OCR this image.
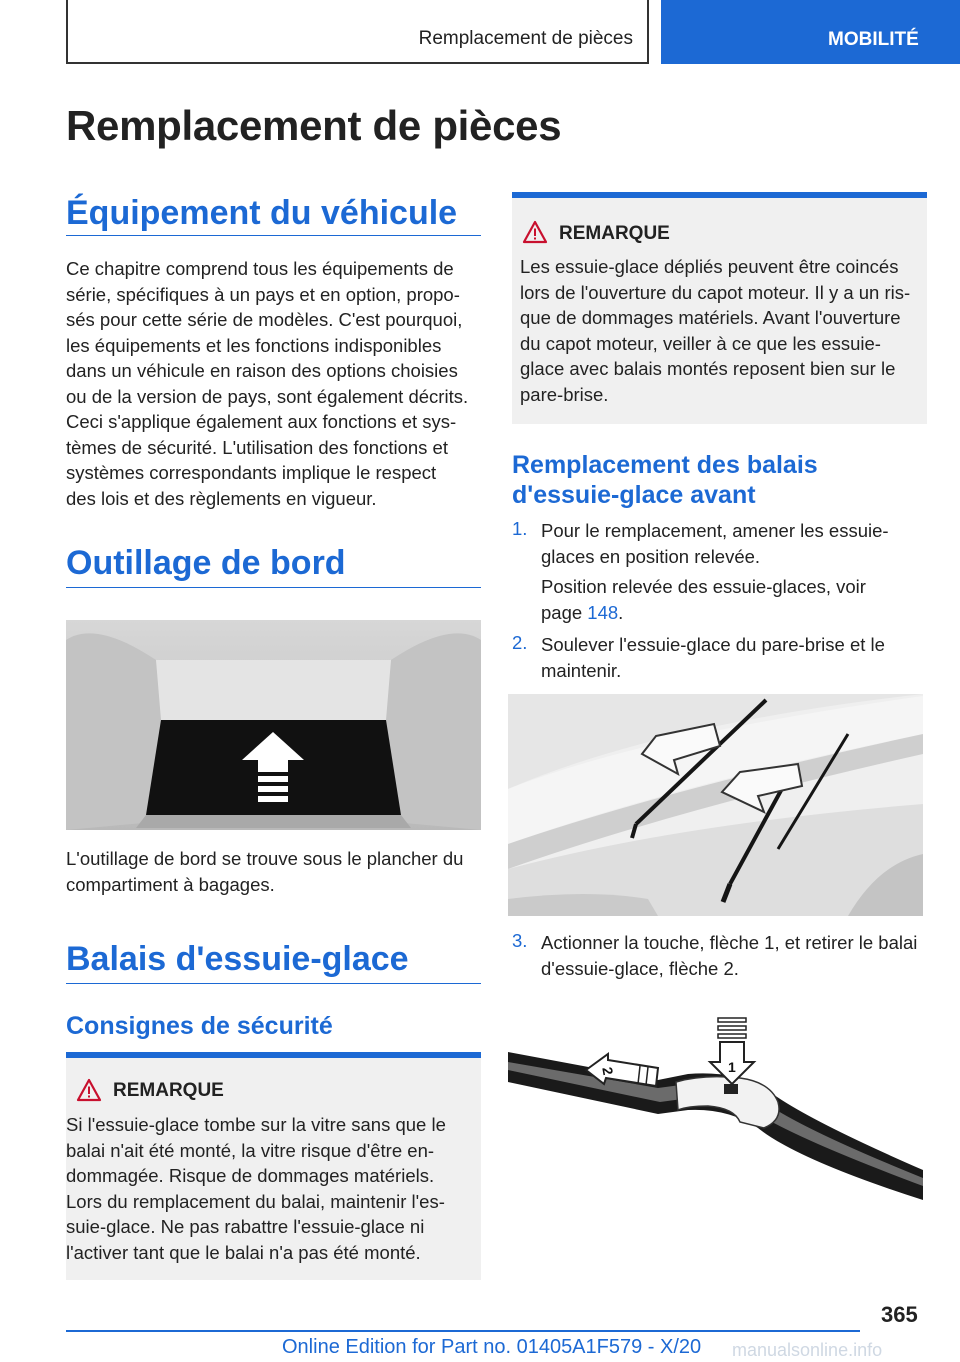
Remplacement de pièces	MOBILITÉ
Remplacement de pièces
Équipement du véhicule
Ce chapitre comprend tous les équipements de
série, spécifiques à un pays et en option, propo-
sés pour cette série de modèles. C'est pourquoi,
les équipements et les fonctions indisponibles
dans un véhicule en raison des options choisies
ou de la version de pays, sont également décrits.
Ceci s'applique également aux fonctions et sys-
tèmes de sécurité. L'utilisation des fonctions et
systèmes correspondants implique le respect
des lois et des règlements en vigueur.
Outillage de bord
L'outillage de bord se trouve sous le plancher du
compartiment à bagages.
Balais d'essuie-glace
Consignes de sécurité
REMARQUE
Si l'essuie-glace tombe sur la vitre sans que le
balai n'ait été monté, la vitre risque d'être en-
dommagée. Risque de dommages matériels.
Lors du remplacement du balai, maintenir l'es-
suie-glace. Ne pas rabattre l'essuie-glace ni
l'activer tant que le balai n'a pas été monté.
REMARQUE
Les essuie-glace dépliés peuvent être coincés
lors de l'ouverture du capot moteur. Il y a un ris-
que de dommages matériels. Avant l'ouverture
du capot moteur, veiller à ce que les essuie-
glace avec balais montés reposent bien sur le
pare-brise.
Remplacement des balais
d'essuie-glace avant
1. Pour le remplacement, amener les essuie-
glaces en position relevée.
Position relevée des essuie-glaces, voir
page 148.
2. Soulever l'essuie-glace du pare-brise et le
maintenir.
3. Actionner la touche, flèche 1, et retirer le balai
d'essuie-glace, flèche 2.
1
2
365
Online Edition for Part no. 01405A1F579 - X/20 manualsonline.info
